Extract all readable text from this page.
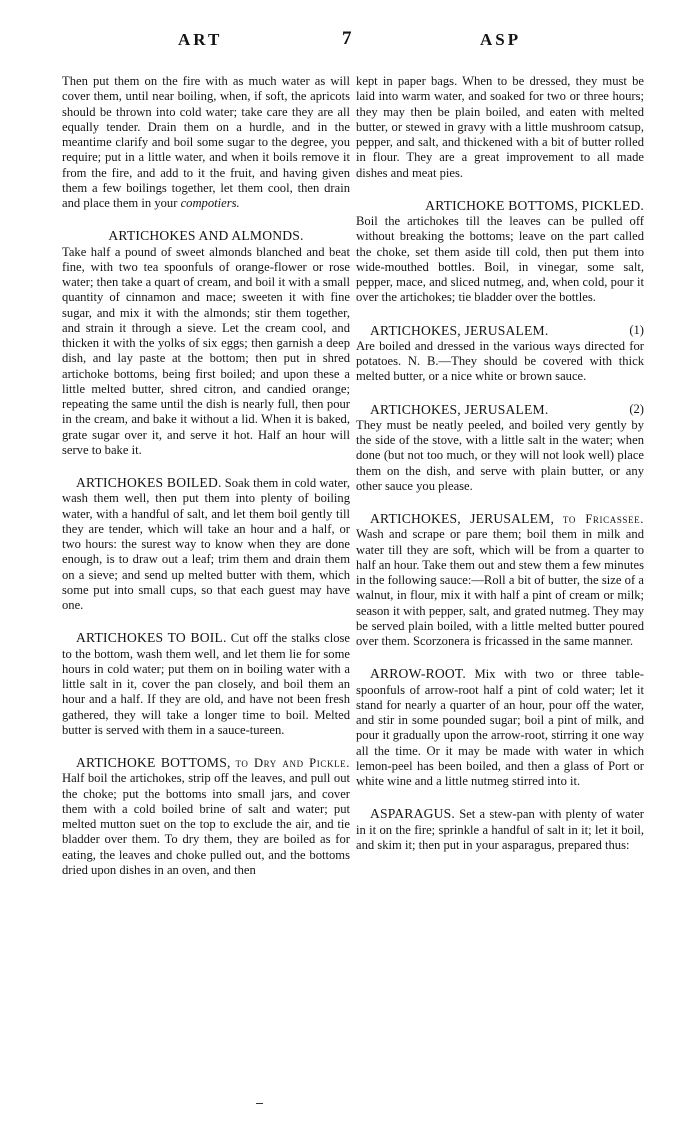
ART	7	ASP

Then put them on the fire with as much water as will cover them, until near boiling, when, if soft, the apricots should be thrown into cold water; take care they are all equally tender. Drain them on a hurdle, and in the meantime clarify and boil some sugar to the degree, you require; put in a little water, and when it boils remove it from the fire, and add to it the fruit, and having given them a few boilings together, let them cool, then drain and place them in your compotiers.

ARTICHOKES AND ALMONDS.
Take half a pound of sweet almonds blanched and beat fine, with two tea spoonfuls of orange-flower or rose water; then take a quart of cream, and boil it with a small quantity of cinnamon and mace; sweeten it with fine sugar, and mix it with the almonds; stir them together, and strain it through a sieve. Let the cream cool, and thicken it with the yolks of six eggs; then garnish a deep dish, and lay paste at the bottom; then put in shred artichoke bottoms, being first boiled; and upon these a little melted butter, shred citron, and candied orange; repeating the same until the dish is nearly full, then pour in the cream, and bake it without a lid. When it is baked, grate sugar over it, and serve it hot. Half an hour will serve to bake it.

ARTICHOKES BOILED. Soak them in cold water, wash them well, then put them into plenty of boiling water, with a handful of salt, and let them boil gently till they are tender, which will take an hour and a half, or two hours: the surest way to know when they are done enough, is to draw out a leaf; trim them and drain them on a sieve; and send up melted butter with them, which some put into small cups, so that each guest may have one.

ARTICHOKES TO BOIL. Cut off the stalks close to the bottom, wash them well, and let them lie for some hours in cold water; put them on in boiling water with a little salt in it, cover the pan closely, and boil them an hour and a half. If they are old, and have not been fresh gathered, they will take a longer time to boil. Melted butter is served with them in a sauce-tureen.

ARTICHOKE BOTTOMS, to Dry and Pickle. Half boil the artichokes, strip off the leaves, and pull out the choke; put the bottoms into small jars, and cover them with a cold boiled brine of salt and water; put melted mutton suet on the top to exclude the air, and tie bladder over them. To dry them, they are boiled as for eating, the leaves and choke pulled out, and the bottoms dried upon dishes in an oven, and then

kept in paper bags. When to be dressed, they must be laid into warm water, and soaked for two or three hours; they may then be plain boiled, and eaten with melted butter, or stewed in gravy with a little mushroom catsup, pepper, and salt, and thickened with a bit of butter rolled in flour. They are a great improvement to all made dishes and meat pies.

ARTICHOKE BOTTOMS, PICKLED.
Boil the artichokes till the leaves can be pulled off without breaking the bottoms; leave on the part called the choke, set them aside till cold, then put them into wide-mouthed bottles. Boil, in vinegar, some salt, pepper, mace, and sliced nutmeg, and, when cold, pour it over the artichokes; tie bladder over the bottles.

ARTICHOKES, JERUSALEM.	(1)
Are boiled and dressed in the various ways directed for potatoes. N. B.—They should be covered with thick melted butter, or a nice white or brown sauce.

ARTICHOKES, JERUSALEM.	(2)
They must be neatly peeled, and boiled very gently by the side of the stove, with a little salt in the water; when done (but not too much, or they will not look well) place them on the dish, and serve with plain butter, or any other sauce you please.

ARTICHOKES, JERUSALEM, to Fricassee. Wash and scrape or pare them; boil them in milk and water till they are soft, which will be from a quarter to half an hour. Take them out and stew them a few minutes in the following sauce:—Roll a bit of butter, the size of a walnut, in flour, mix it with half a pint of cream or milk; season it with pepper, salt, and grated nutmeg. They may be served plain boiled, with a little melted butter poured over them. Scorzonera is fricassed in the same manner.

ARROW-ROOT. Mix with two or three table-spoonfuls of arrow-root half a pint of cold water; let it stand for nearly a quarter of an hour, pour off the water, and stir in some pounded sugar; boil a pint of milk, and pour it gradually upon the arrow-root, stirring it one way all the time. Or it may be made with water in which lemon-peel has been boiled, and then a glass of Port or white wine and a little nutmeg stirred into it.

ASPARAGUS. Set a stew-pan with plenty of water in it on the fire; sprinkle a handful of salt in it; let it boil, and skim it; then put in your asparagus, prepared thus:
